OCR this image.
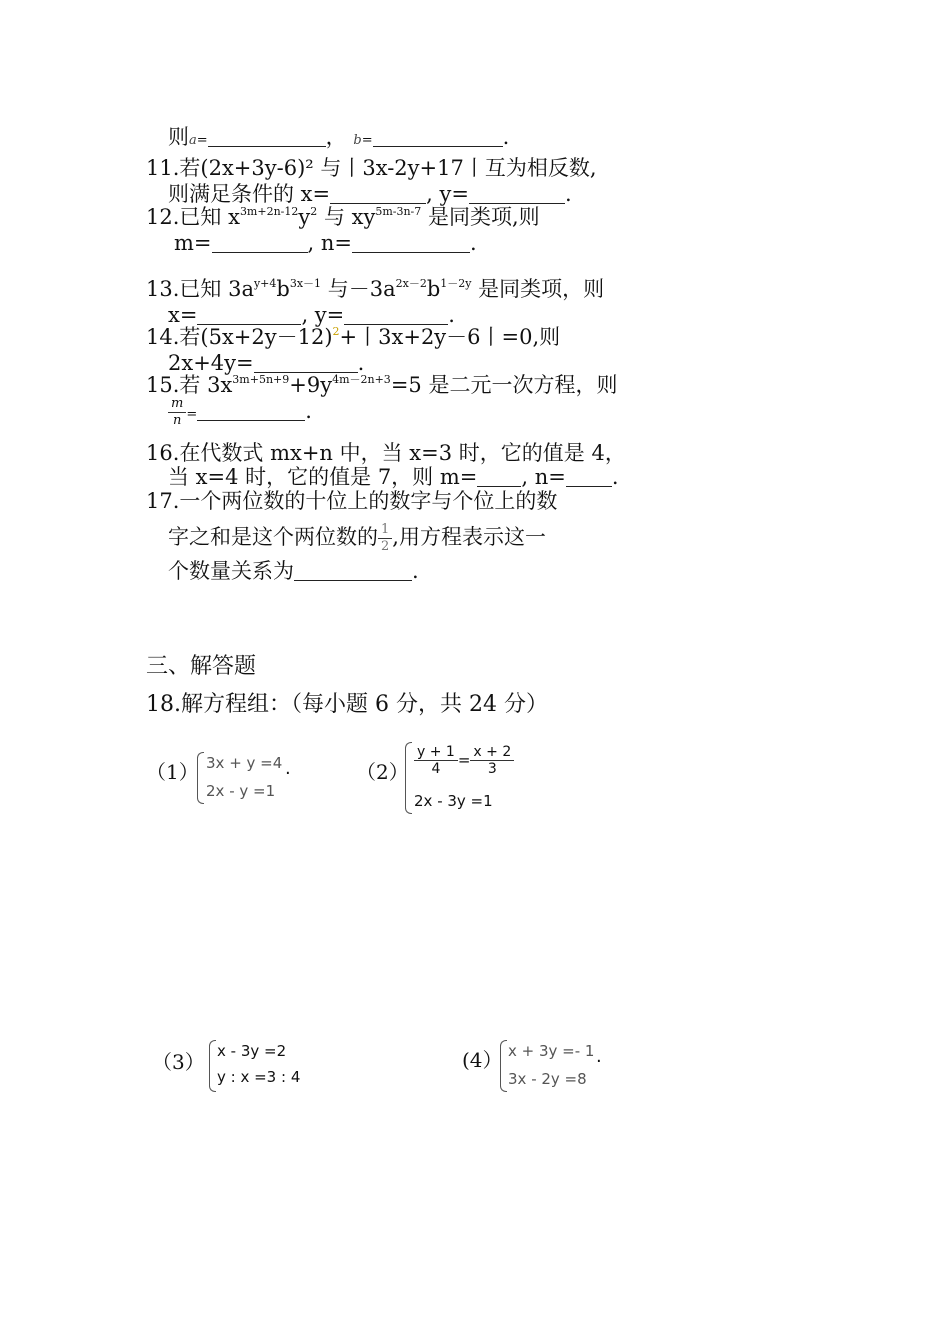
则a=	， b=	.
11.若(2x+3y-6)² 与丨3x-2y+17丨互为相反数,
则满足条件的 x=	, y=	.
12.已知 $x^{3m+2n-12}y^2$ 与 $xy^{5m-3n-7}$ 是同类项,则
m=	, n=	.
13.已知 $3a^{y+4}b^{3x-1}$ 与$-3a^{2x-2}b^{1-2y}$ 是同类项，则
x=	, y=	.
14.若$(5x+2y-12)^2+$丨3x+2y－6丨=0,则
2x+4y=	.
15.若 $3x^{3m+5n+9}+9y^{4m-2n+3}=5$ 是二元一次方程，则
$\frac{m}{n}$ =	.
16.在代数式 mx+n 中，当 x=3 时，它的值是 4，
当 x=4 时，它的值是 7，则 m= , n= .
17.一个两位数的十位上的数字与个位上的数
字之和是这个两位数的 $\frac{1}{2}$ ,用方程表示这一
个数量关系为	.
三、解答题
18.解方程组：（每小题 6 分，共 24 分）
（1） 3x + y =4
2x - y =1
.	$(2) \frac{y + 1}{4} = \frac{x + 2}{3}$
2x - 3y =1
（3） x - 3y =2
y : x =3 : 4
(4） x + 3y =- 1
3x - 2y =8
.
